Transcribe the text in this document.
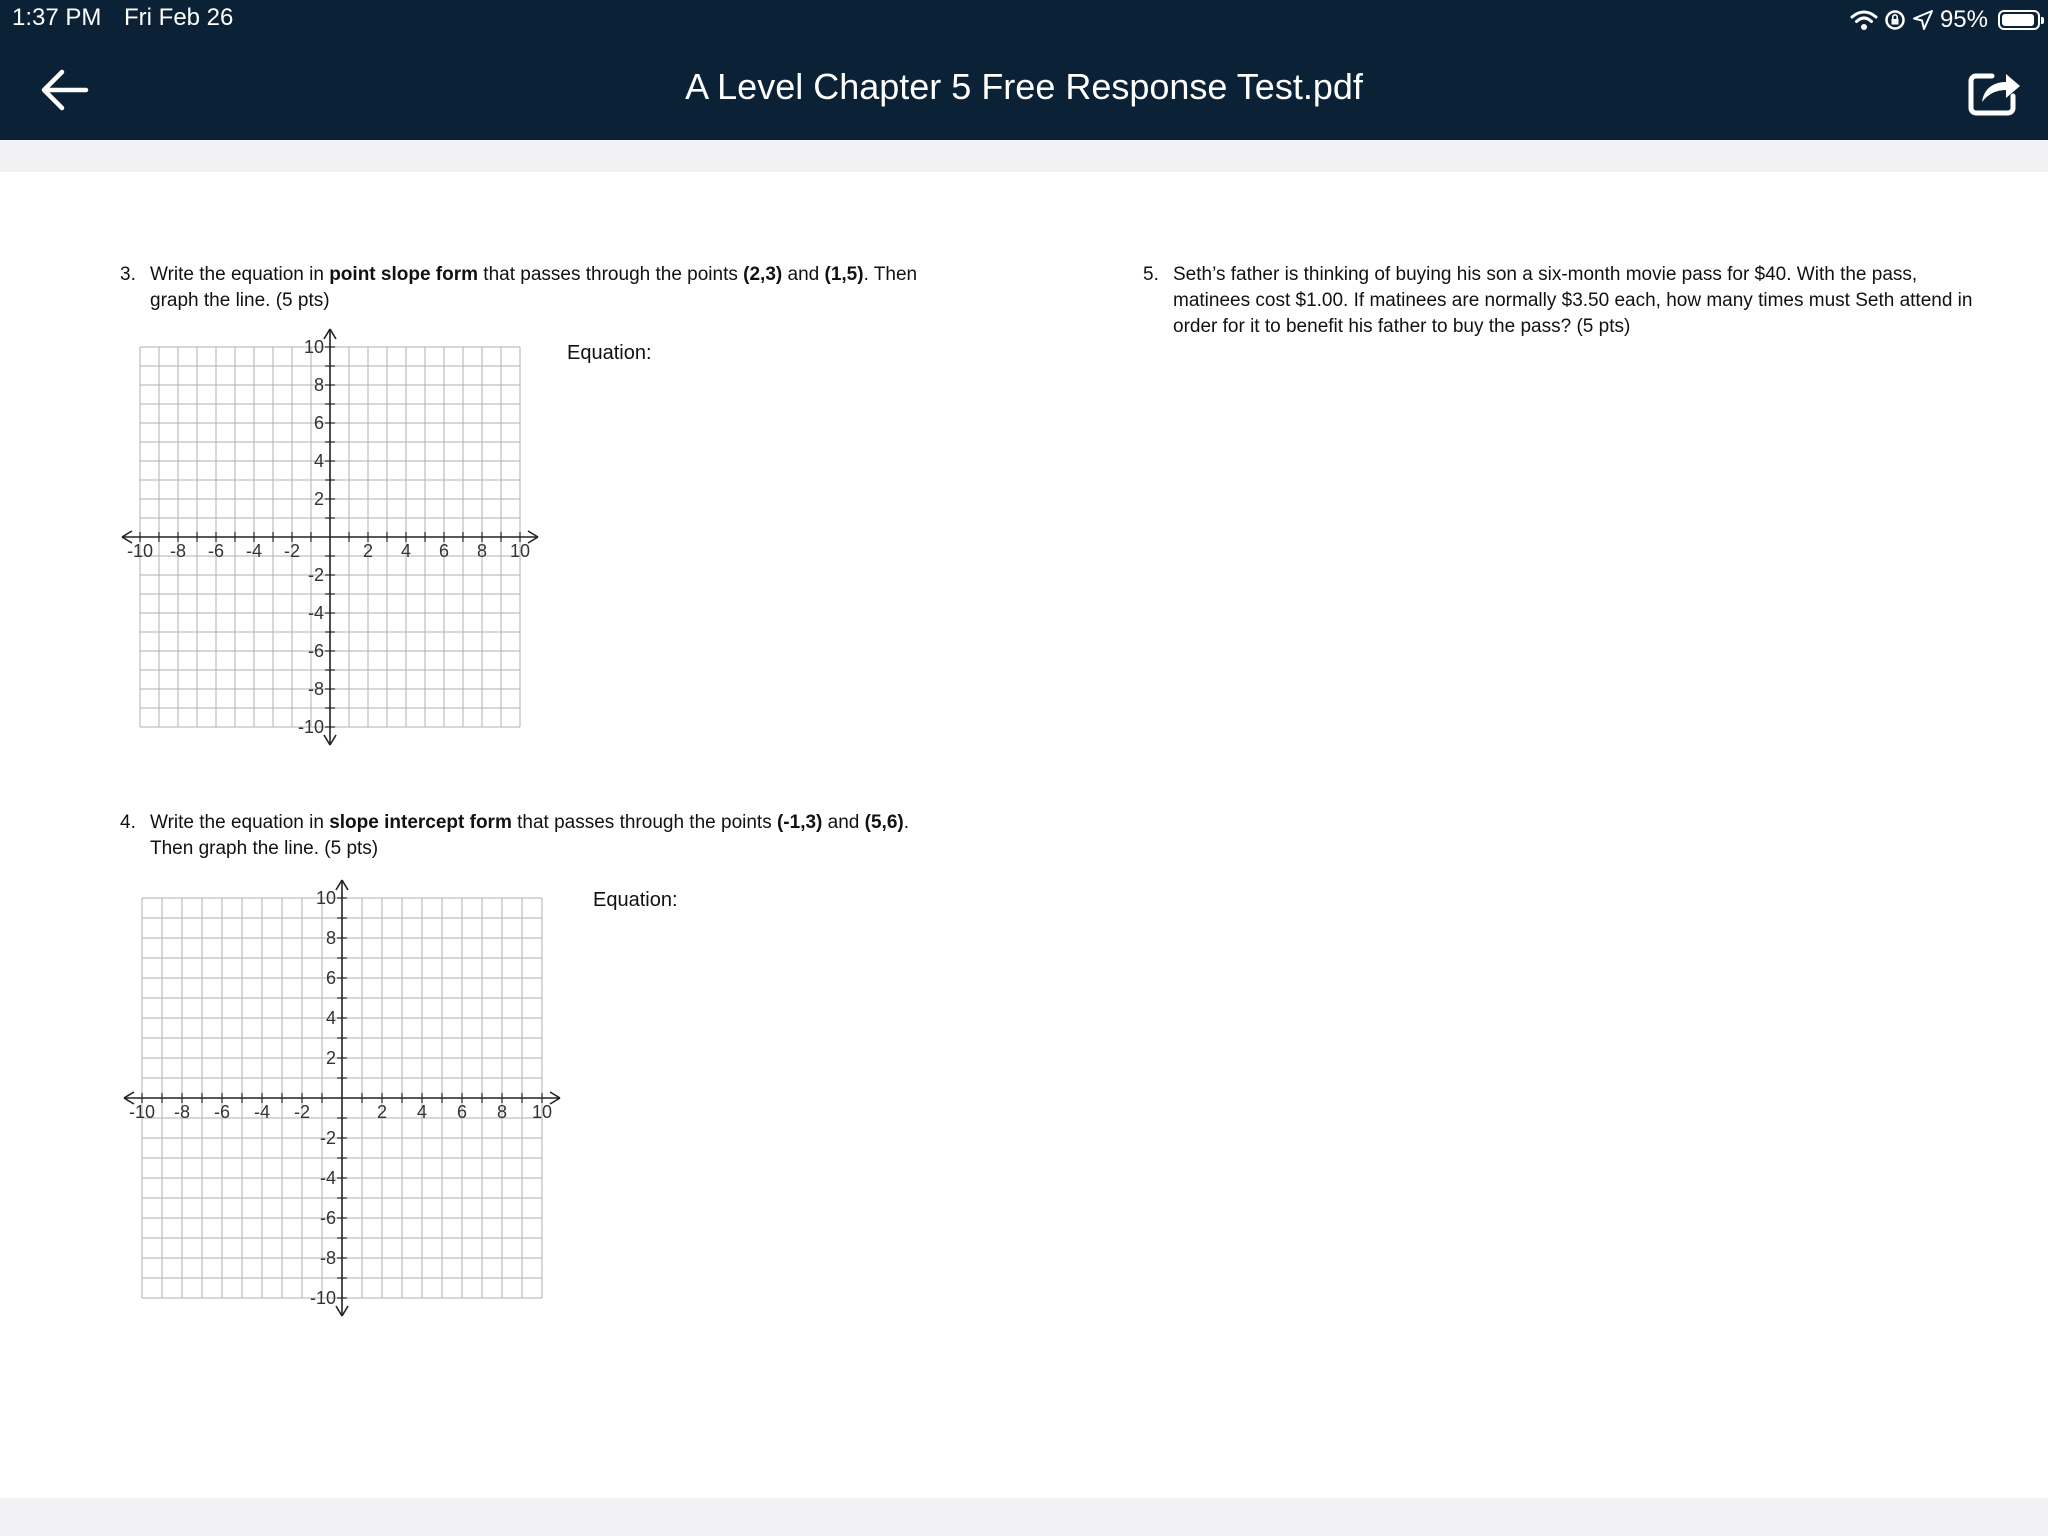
1:37 PM Fri Feb 26	95%
A Level Chapter 5 Free Response Test.pdf
3. Write the equation in point slope form that passes through the points (2,3) and (1,5). Then graph the line. (5 pts)
Equation:
-10 -8 -6 -4 -2	2 4 6 8 10
10
8
6
4
2
-2
-4
-6
-8
-10
4. Write the equation in slope intercept form that passes through the points (-1,3) and (5,6). Then graph the line. (5 pts)
Equation:
-10 -8 -6 -4 -2	2 4 6 8 10
10
8
6
4
2
-2
-4
-6
-8
-10
5. Seth’s father is thinking of buying his son a six-month movie pass for $40. With the pass, matinees cost $1.00. If matinees are normally $3.50 each, how many times must Seth attend in order for it to benefit his father to buy the pass? (5 pts)
